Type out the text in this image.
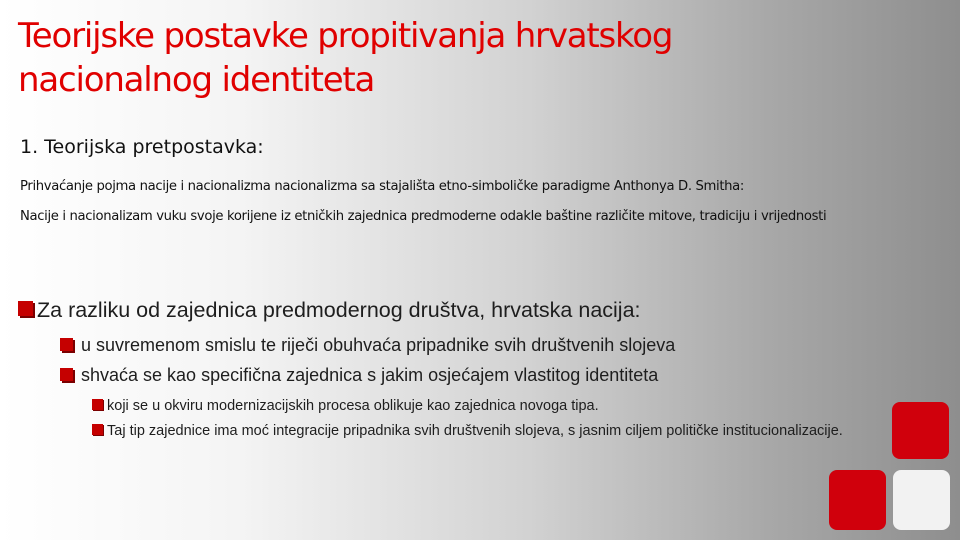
Teorijske postavke propitivanja hrvatskog nacionalnog identiteta
1. Teorijska pretpostavka:

Prihvaćanje pojma nacije i nacionalizma nacionalizma sa stajališta etno-simboličke paradigme Anthonya D. Smitha:

Nacije i nacionalizam vuku svoje korijene iz etničkih zajednica predmoderne odakle baštine različite mitove, tradiciju i vrijednosti

Za razliku od zajednica predmodernog društva, hrvatska nacija:
u suvremenom smislu te riječi obuhvaća pripadnike svih društvenih slojeva
shvaća se kao specifična zajednica s jakim osjećajem vlastitog identiteta
koji se u okviru modernizacijskih procesa oblikuje kao zajednica novoga tipa.
Taj tip zajednice ima moć integracije pripadnika svih društvenih slojeva, s jasnim ciljem političke institucionalizacije.
